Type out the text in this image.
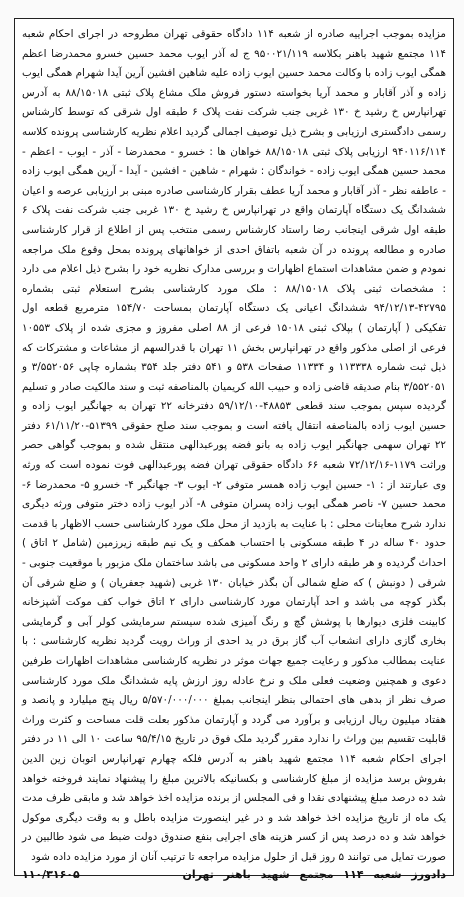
مزایده بموجب اجراییه صادره از شعبه ۱۱۴ دادگاه حقوقی تهران مطروحه در اجرای احکام شعبه ۱۱۴ مجتمع شهید باهنر بکلاسه ۹۵۰۰۲۱/۱۱۹ ج له آذر ایوب محمد حسین خسرو محمدرضا اعظم همگی ایوب زاده با وکالت محمد حسین ایوب زاده علیه شاهین افشین آرین آیدا شهرام همگی ایوب زاده و آذر آقابار و محمد آریا بخواسته دستور فروش ملک مشاع پلاک ثبتی ۸۸/۱۵۰۱۸ به آدرس تهرانپارس خ رشید خ ۱۳۰ غربی جنب شرکت نفت پلاک ۶ طبقه اول شرقی که توسط کارشناس رسمی دادگستری ارزیابی و بشرح ذیل توصیف اجمالی گردید اعلام نظریه کارشناسی پرونده کلاسه ۹۴۰۱۱۶/۱۱۴ ارزیابی پلاک ثبتی ۸۸/۱۵۰۱۸ خواهان ها : خسرو - محمدرضا - آذر - ایوب - اعظم - محمد حسین همگی ایوب زاده - خواندگان : شهرام - شاهین - افشین - آیدا - آرین همگی ایوب زاده - عاطفه نظر - آذر آقابار و محمد آریا عطف بقرار کارشناسی صادره مبنی بر ارزیابی عرصه و اعیان ششدانگ یک دستگاه آپارتمان واقع در تهرانپارس خ رشید خ ۱۳۰ غربی جنب شرکت نفت پلاک ۶ طبقه اول شرقی اینجانب رضا راستاد کارشناس رسمی منتخب پس از اطلاع از قرار کارشناسی صادره و مطالعه پرونده در آن شعبه باتفاق احدی از خواهانهای پرونده بمحل وقوع ملک مراجعه نمودم و ضمن مشاهدات استماع اظهارات و بررسی مدارک نظریه خود را بشرح ذیل اعلام می دارد : مشخصات ثبتی پلاک ۸۸/۱۵۰۱۸ : ملک مورد کارشناسی بشرح استعلام ثبتی بشماره ۴۲۷۹۵-۹۴/۱۲/۱۳ ششدانگ اعیانی یک دستگاه آپارتمان بمساحت ۱۵۴/۷۰ مترمربع قطعه اول تفکیکی ( آپارتمان ) بپلاک ثبتی ۱۵۰۱۸ فرعی از ۸۸ اصلی مفروز و مجزی شده از پلاک ۱۰۵۵۳ فرعی از اصلی مذکور واقع در تهرانپارس بخش ۱۱ تهران با قدرالسهم از مشاعات و مشترکات که ذیل ثبت شماره ۱۱۳۳۳۸ و ۱۱۳۳۴ صفحات ۵۳۸ و ۵۴۱ دفتر جلد ۳۵۴ بشماره چاپی ۳/۵۵۲۰۵۶ و ۳/۵۵۲۰۵۱ بنام صدیقه قاضی زاده و حبیب الله کریمیان بالمناصفه ثبت و سند مالکیت صادر و تسلیم گردیده سپس بموجب سند قطعی ۴۸۸۵۳-۵۹/۱۲/۱۰ دفترخانه ۲۲ تهران به جهانگیر ایوب زاده و حسین ایوب زاده بالمناصفه انتقال یافته است و بموجب سند صلح حقوقی ۵۱۳۹۹-۶۱/۱۱/۲۰ دفتر ۲۲ تهران سهمی جهانگیر ایوب زاده به بانو فضه پورعبدالهی منتقل شده و بموجب گواهی حصر وراثت ۱۱۷۹-۷۲/۱۲/۱۶ شعبه ۶۶ دادگاه حقوقی تهران فضه پورعبدالهی فوت نموده است که ورثه وی عبارتند از : ۱- حسین ایوب زاده همسر متوفی ۲- ایوب ۳- جهانگیر ۴- خسرو ۵- محمدرضا ۶- محمد حسین ۷- ناصر همگی ایوب زاده پسران متوفی ۸- آذر ایوب زاده دختر متوفی ورثه دیگری ندارد شرح معاینات محلی : با عنایت به بازدید از محل ملک مورد کارشناسی حسب الاظهار با قدمت حدود ۴۰ ساله در ۴ طبقه مسکونی با احتساب همکف و یک نیم طبقه زیرزمین (شامل ۲ اتاق ) احداث گردیده و هر طبقه دارای ۲ واحد مسکونی می باشد ساختمان ملک مزبور با موقعیت جنوبی - شرقی ( دونبش ) که ضلع شمالی آن بگذر خیابان ۱۳۰ غربی (شهید جعفریان ) و ضلع شرقی آن بگذر کوچه می باشد و احد آپارتمان مورد کارشناسی دارای ۲ اتاق خواب کف موکت آشپزخانه کابینت فلزی دیوارها با پوشش گچ و رنگ آمیزی شده سیستم سرمایشی کولر آبی و گرمایشی بخاری گازی دارای انشعاب آب گاز برق در ید احدی از وراث رویت گردید نظریه کارشناسی : با عنایت بمطالب مذکور و رعایت جمیع جهات موثر در نظریه کارشناسی مشاهدات اظهارات طرفین دعوی و همچنین وضعیت فعلی ملک و نرخ عادله روز ارزش پایه ششدانگ ملک مورد کارشناسی صرف نظر از بدهی های احتمالی بنظر اینجانب بمبلغ ۵/۵۷۰/۰۰۰/۰۰۰ ریال پنج میلیارد و پانصد و هفتاد میلیون ریال ارزیابی و برآورد می گردد و آپارتمان مذکور بعلت قلت مساحت و کثرت وراث قابلیت تقسیم بین وراث را ندارد مقرر گردید ملک فوق در تاریخ ۹۵/۴/۱۵ ساعت ۱۰ الی ۱۱ در دفتر اجرای احکام شعبه ۱۱۴ مجتمع شهید باهنر به آدرس فلکه چهارم تهرانپارس اتوبان زین الدین بفروش برسد مزایده از مبلغ کارشناسی و بکسانیکه بالاترین مبلغ را پیشنهاد نمایند فروخته خواهد شد ده درصد مبلغ پیشنهادی نقدا و فی المجلس از برنده مزایده اخذ خواهد شد و مابقی ظرف مدت یک ماه از تاریخ مزایده اخذ خواهد شد و در غیر اینصورت مزایده باطل و به وقت دیگری موکول خواهد شد و ده درصد پس از کسر هزینه های اجرایی بنفع صندوق دولت ضبط می شود طالبین در صورت تمایل می توانند ۵ روز قبل از حلول مزایده مراجعه تا ترتیب آنان از مورد مزایده داده شود

دادورز شعبه ۱۱۴ مجتمع شهید باهنر تهران
۱۱۰/۳۱۶۰۵
